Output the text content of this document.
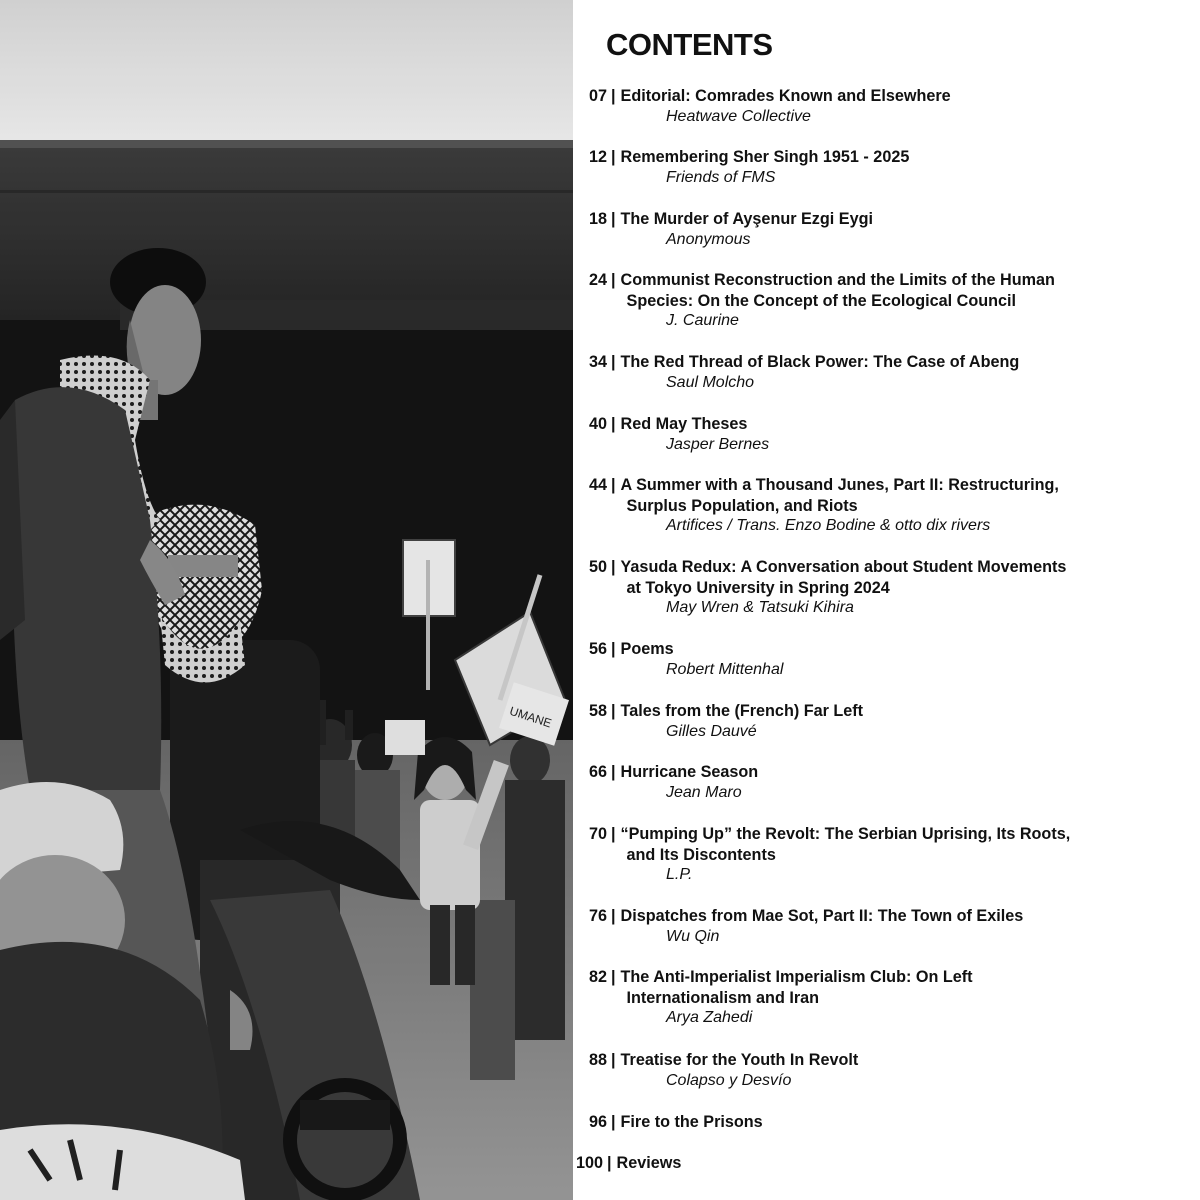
UMANE
CONTENTS
07 | Editorial: Comrades Known and Elsewhere
Heatwave Collective
12 | Remembering Sher Singh 1951 - 2025
Friends of FMS
18 | The Murder of Ayşenur Ezgi Eygi
Anonymous
24 | Communist Reconstruction and the Limits of the Human
Species: On the Concept of the Ecological Council
J. Caurine
34 | The Red Thread of Black Power: The Case of Abeng
Saul Molcho
40 | Red May Theses
Jasper Bernes
44 | A Summer with a Thousand Junes, Part II: Restructuring,
Surplus Population, and Riots
Artifices / Trans. Enzo Bodine & otto dix rivers
50 | Yasuda Redux: A Conversation about Student Movements
at Tokyo University in Spring 2024
May Wren & Tatsuki Kihira
56 | Poems
Robert Mittenhal
58 | Tales from the (French) Far Left
Gilles Dauvé
66 | Hurricane Season
Jean Maro
70 | “Pumping Up” the Revolt: The Serbian Uprising, Its Roots,
and Its Discontents
L.P.
76 | Dispatches from Mae Sot, Part II: The Town of Exiles
Wu Qin
82 | The Anti-Imperialist Imperialism Club: On Left
Internationalism and Iran
Arya Zahedi
88 | Treatise for the Youth In Revolt
Colapso y Desvío
96 | Fire to the Prisons
100 | Reviews
